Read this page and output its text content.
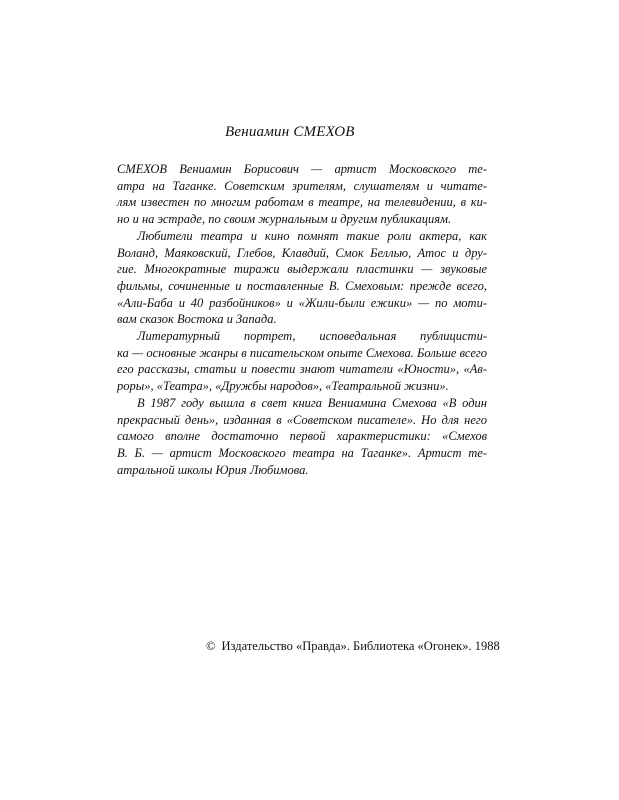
Вениамин СМЕХОВ
СМЕХОВ Вениамин Борисович — артист Московского те-
атра на Таганке. Советским зрителям, слушателям и читате-
лям известен по многим работам в театре, на телевидении, в ки-
но и на эстраде, по своим журнальным и другим публикациям.
Любители театра и кино помнят такие роли актера, как
Воланд, Маяковский, Глебов, Клавдий, Смок Беллью, Атос и дру-
гие. Многократные тиражи выдержали пластинки — звуковые
фильмы, сочиненные и поставленные В. Смеховым: прежде всего,
«Али-Баба и 40 разбойников» и «Жили-были ежики» — по моти-
вам сказок Востока и Запада.
Литературный портрет, исповедальная публицисти-
ка — основные жанры в писательском опыте Смехова. Больше всего
его рассказы, статьи и повести знают читатели «Юности», «Ав-
роры», «Театра», «Дружбы народов», «Театральной жизни».
В 1987 году вышла в свет книга Вениамина Смехова «В один
прекрасный день», изданная в «Советском писателе». Но для него
самого вполне достаточно первой характеристики: «Смехов
В. Б. — артист Московского театра на Таганке». Артист те-
атральной школы Юрия Любимова.
© Издательство «Правда». Библиотека «Огонек». 1988
